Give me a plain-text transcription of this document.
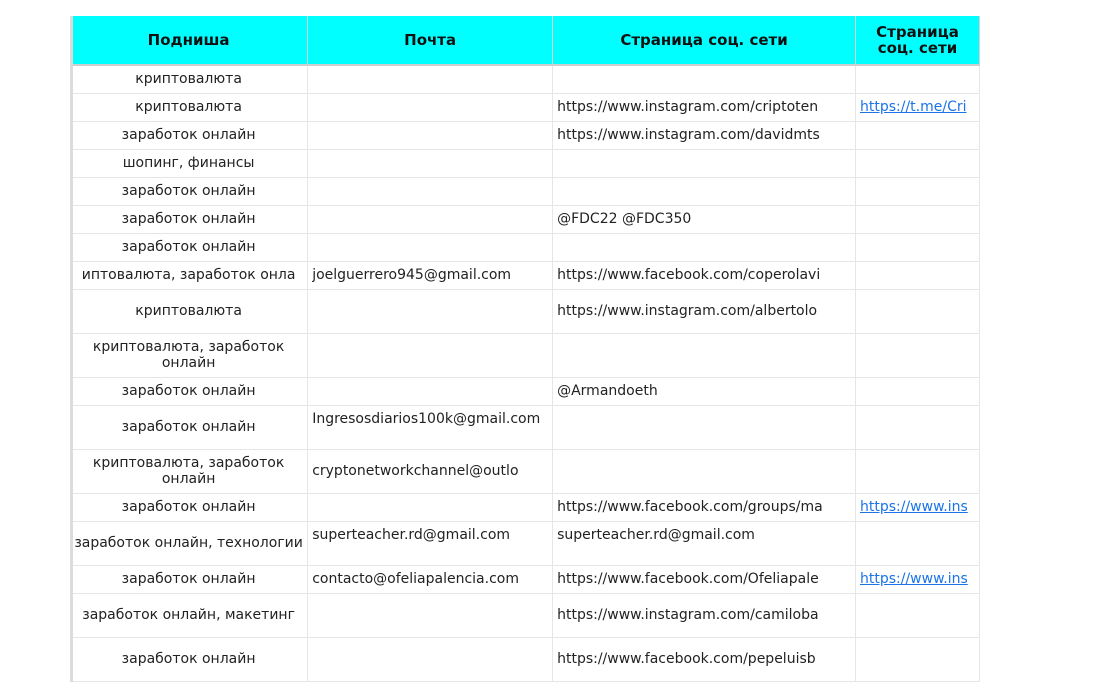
Подниша	Почта	Страница соц. сети	Страница соц. сети
криптовалюта			
криптовалюта		https://www.instagram.com/criptoten	https://t.me/Cri
заработок онлайн		https://www.instagram.com/davidmts	
шопинг, финансы			
заработок онлайн			
заработок онлайн		@FDC22 @FDC350	
заработок онлайн			

иптовалюта, заработок онла	joelguerrero945@gmail.com	https://www.facebook.com/coperolavi	
криптовалюта		https://www.instagram.com/albertolo	
криптовалюта, заработок онлайн			
заработок онлайн		@Armandoeth	
заработок онлайн	Ingresosdiarios100k@gmail.com		
криптовалюта, заработок онлайн	cryptonetworkchannel@outlo		
заработок онлайн		https://www.facebook.com/groups/ma	https://www.ins
заработок онлайн, технологии	superteacher.rd@gmail.com	superteacher.rd@gmail.com	
заработок онлайн	contacto@ofeliapalencia.com	https://www.facebook.com/Ofeliapale	https://www.ins
заработок онлайн, макетинг		https://www.instagram.com/camiloba	
заработок онлайн		https://www.facebook.com/pepeluisb	
